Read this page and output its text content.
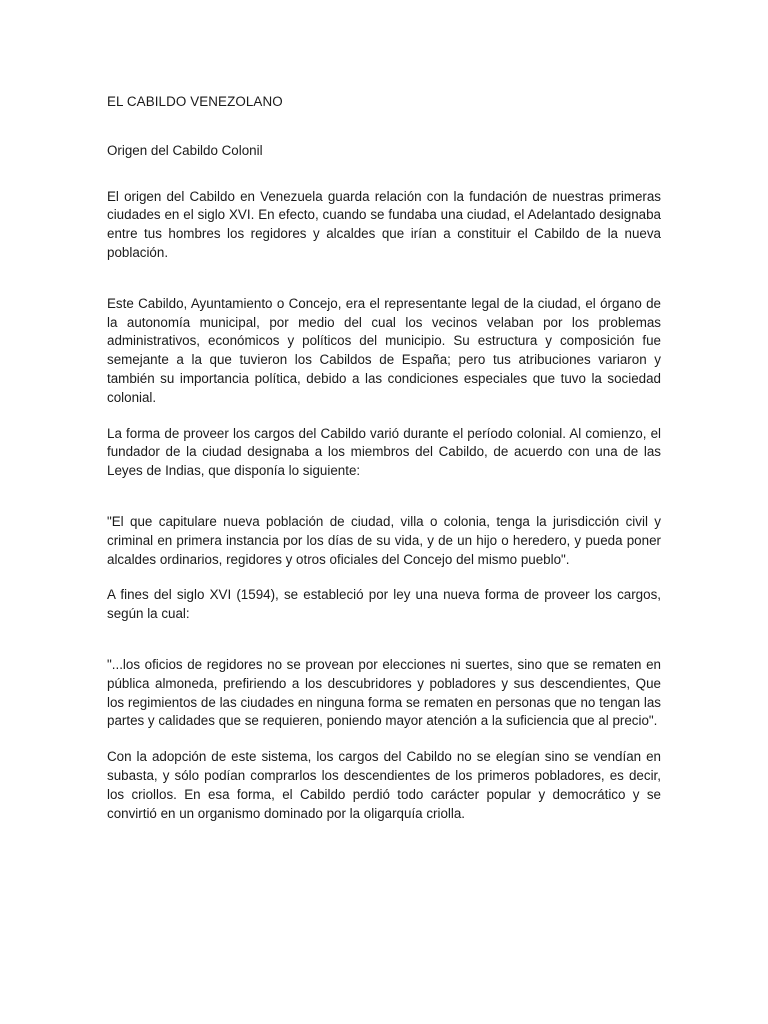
EL CABILDO VENEZOLANO
Origen del Cabildo Colonil

El origen del Cabildo en Venezuela guarda relación con la fundación de nuestras primeras ciudades en el siglo XVI. En efecto, cuando se fundaba una ciudad, el Adelantado designaba entre tus hombres los regidores y alcaldes que irían a constituir el Cabildo de la nueva población.

Este Cabildo, Ayuntamiento o Concejo, era el representante legal de la ciudad, el órgano de la autonomía municipal, por medio del cual los vecinos velaban por los problemas administrativos, económicos y políticos del municipio. Su estructura y composición fue semejante a la que tuvieron los Cabildos de España; pero tus atribuciones variaron y también su importancia política, debido a las condiciones especiales que tuvo la sociedad colonial.

La forma de proveer los cargos del Cabildo varió durante el período colonial. Al comienzo, el fundador de la ciudad designaba a los miembros del Cabildo, de acuerdo con una de las Leyes de Indias, que disponía lo siguiente:

"El que capitulare nueva población de ciudad, villa o colonia, tenga la jurisdicción civil y criminal en primera instancia por los días de su vida, y de un hijo o heredero, y pueda poner alcaldes ordinarios, regidores y otros oficiales del Concejo del mismo pueblo".

A fines del siglo XVI (1594), se estableció por ley una nueva forma de proveer los cargos, según la cual:

"...los oficios de regidores no se provean por elecciones ni suertes, sino que se rematen en pública almoneda, prefiriendo a los descubridores y pobladores y sus descendientes, Que los regimientos de las ciudades en ninguna forma se rematen en personas que no tengan las partes y calidades que se requieren, poniendo mayor atención a la suficiencia que al precio".

Con la adopción de este sistema, los cargos del Cabildo no se elegían sino se vendían en subasta, y sólo podían comprarlos los descendientes de los primeros pobladores, es decir, los criollos. En esa forma, el Cabildo perdió todo carácter popular y democrático y se convirtió en un organismo dominado por la oligarquía criolla.
